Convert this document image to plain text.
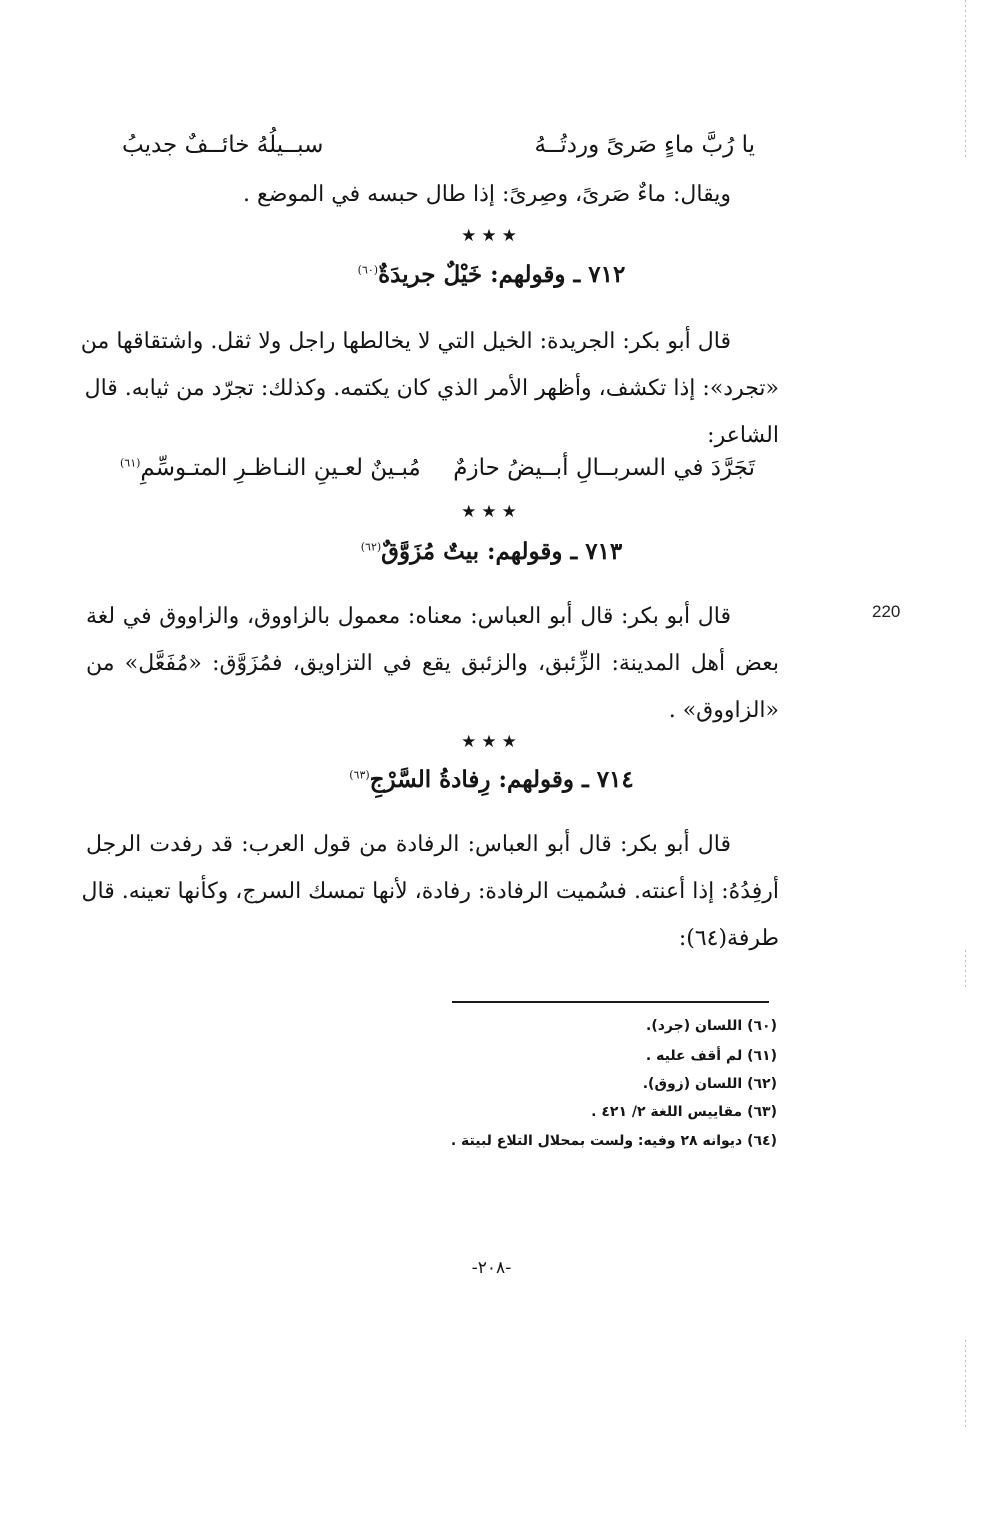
يا رُبَّ ماءٍ صَرىً وردتُــهُ
سبــيلُهُ خائــفٌ جديبُ
ويقال: ماءٌ صَرىً، وصِرىً: إذا طال حبسه في الموضع .
★★★
٧١٢ ـ وقولهم: خَيْلٌ جريدَةٌ$^{(٦٠)}$
قال أبو بكر: الجريدة: الخيل التي لا يخالطها راجل ولا ثقل. واشتقاقها من
«تجرد»: إذا تكشف، وأظهر الأمر الذي كان يكتمه. وكذلك: تجرّد من ثيابه. قال
الشاعر:
تَجَرَّدَ في السربــالِ أبــيضُ حازمٌ
مُبـينٌ لعـينِ النـاظـرِ المتـوسِّمِ$^{(٦١)}$
★★★
٧١٣ ـ وقولهم: بيتٌ مُزَوَّقٌ$^{(٦٢)}$
220
قال أبو بكر: قال أبو العباس: معناه: معمول بالزاووق، والزاووق في لغة
بعض أهل المدينة: الزِّئبق، والزئبق يقع في التزاويق، فمُزَوَّق: «مُفَعَّل» من
«الزاووق» .
★★★
٧١٤ ـ وقولهم: رِفادةُ السَّرْجِ$^{(٦٣)}$
قال أبو بكر: قال أبو العباس: الرفادة من قول العرب: قد رفدت الرجل
أرفِدُهُ: إذا أعنته. فسُميت الرفادة: رفادة، لأنها تمسك السرج، وكأنها تعينه. قال
طرفة(٦٤):
(٦٠) اللسان (جرد).
(٦١) لم أقف عليه .
(٦٢) اللسان (زوق).
(٦٣) مقاييس اللغة ٢/ ٤٢١ .
(٦٤) ديوانه ٢٨ وفيه: ولست بمحلال التلاع لبيتة .
-٢٠٨-
